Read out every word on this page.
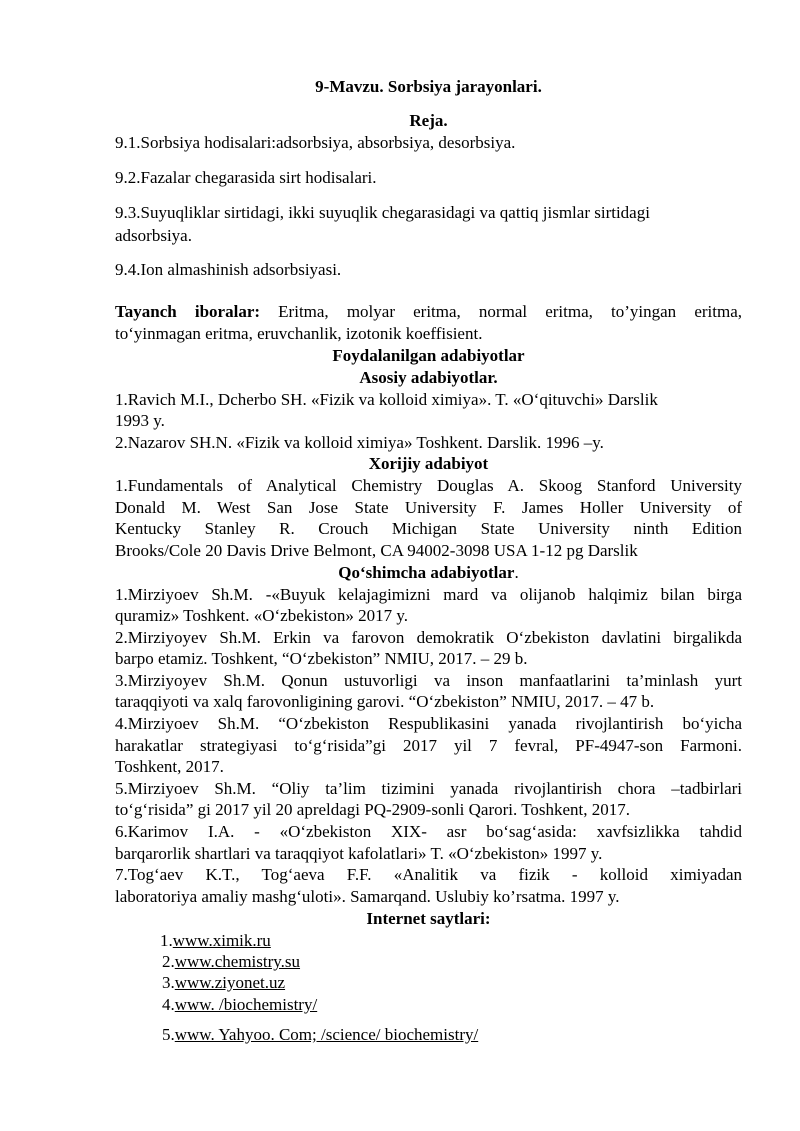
9-Mavzu. Sorbsiya jarayonlari.

Reja.

9.1.Sorbsiya hodisalari:adsorbsiya, absorbsiya, desorbsiya.

9.2.Fazalar chegarasida sirt hodisalari.

9.3.Suyuqliklar sirtidagi, ikki suyuqlik chegarasidagi va qattiq jismlar sirtidagi

adsorbsiya.

9.4.Ion almashinish adsorbsiyasi.

Tayanch iboralar: Eritma, molyar eritma, normal eritma, to’yingan eritma,

to‘yinmagan eritma, eruvchanlik, izotonik koeffisient.

Foydalanilgan adabiyotlar

Asosiy adabiyotlar.

1.Ravich M.I., Dcherbo SH. «Fizik va kolloid ximiya». T. «O‘qituvchi» Darslik

1993 y.

2.Nazarov SH.N. «Fizik va kolloid ximiya» Toshkent. Darslik. 1996 –y.

Xorijiy adabiyot

1.Fundamentals of Analytical Chemistry Douglas A. Skoog Stanford University

Donald M. West San Jose State University F. James Holler University of

Kentucky Stanley R. Crouch Michigan State University ninth Edition

Brooks/Cole 20 Davis Drive Belmont, CA 94002-3098 USA 1-12 pg Darslik

Qo‘shimcha adabiyotlar.

1.Mirziyoev Sh.M. -«Buyuk kelajagimizni mard va olijanob halqimiz bilan birga

quramiz» Toshkent. «O‘zbekiston» 2017 y.

2.Mirziyoyev Sh.M. Erkin va farovon demokratik O‘zbekiston davlatini birgalikda

barpo etamiz. Toshkent, “O‘zbekiston” NMIU, 2017. – 29 b.

3.Mirziyoyev Sh.M. Qonun ustuvorligi va inson manfaatlarini ta’minlash yurt

taraqqiyoti va xalq farovonligining garovi. “O‘zbekiston” NMIU, 2017. – 47 b.

4.Mirziyoev Sh.M. “O‘zbekiston Respublikasini yanada rivojlantirish bo‘yicha

harakatlar strategiyasi to‘g‘risida”gi 2017 yil 7 fevral, PF-4947-son Farmoni.

Toshkent, 2017.

5.Mirziyoev Sh.M. “Oliy ta’lim tizimini yanada rivojlantirish chora –tadbirlari

to‘g‘risida” gi 2017 yil 20 apreldagi PQ-2909-sonli Qarori. Toshkent, 2017.

6.Karimov I.A. - «O‘zbekiston XIX- asr bo‘sag‘asida: xavfsizlikka tahdid

barqarorlik shartlari va taraqqiyot kafolatlari» T. «O‘zbekiston» 1997 y.

7.Tog‘aev K.T., Tog‘aeva F.F. «Analitik va fizik - kolloid ximiyadan

laboratoriya amaliy mashg‘uloti». Samarqand. Uslubiy ko’rsatma. 1997 y.

Internet saytlari:

1.www.ximik.ru

2.www.chemistry.su

3.www.ziyonet.uz

4.www. /biochemistry/

5.www. Yahyoo. Com; /science/ biochemistry/
